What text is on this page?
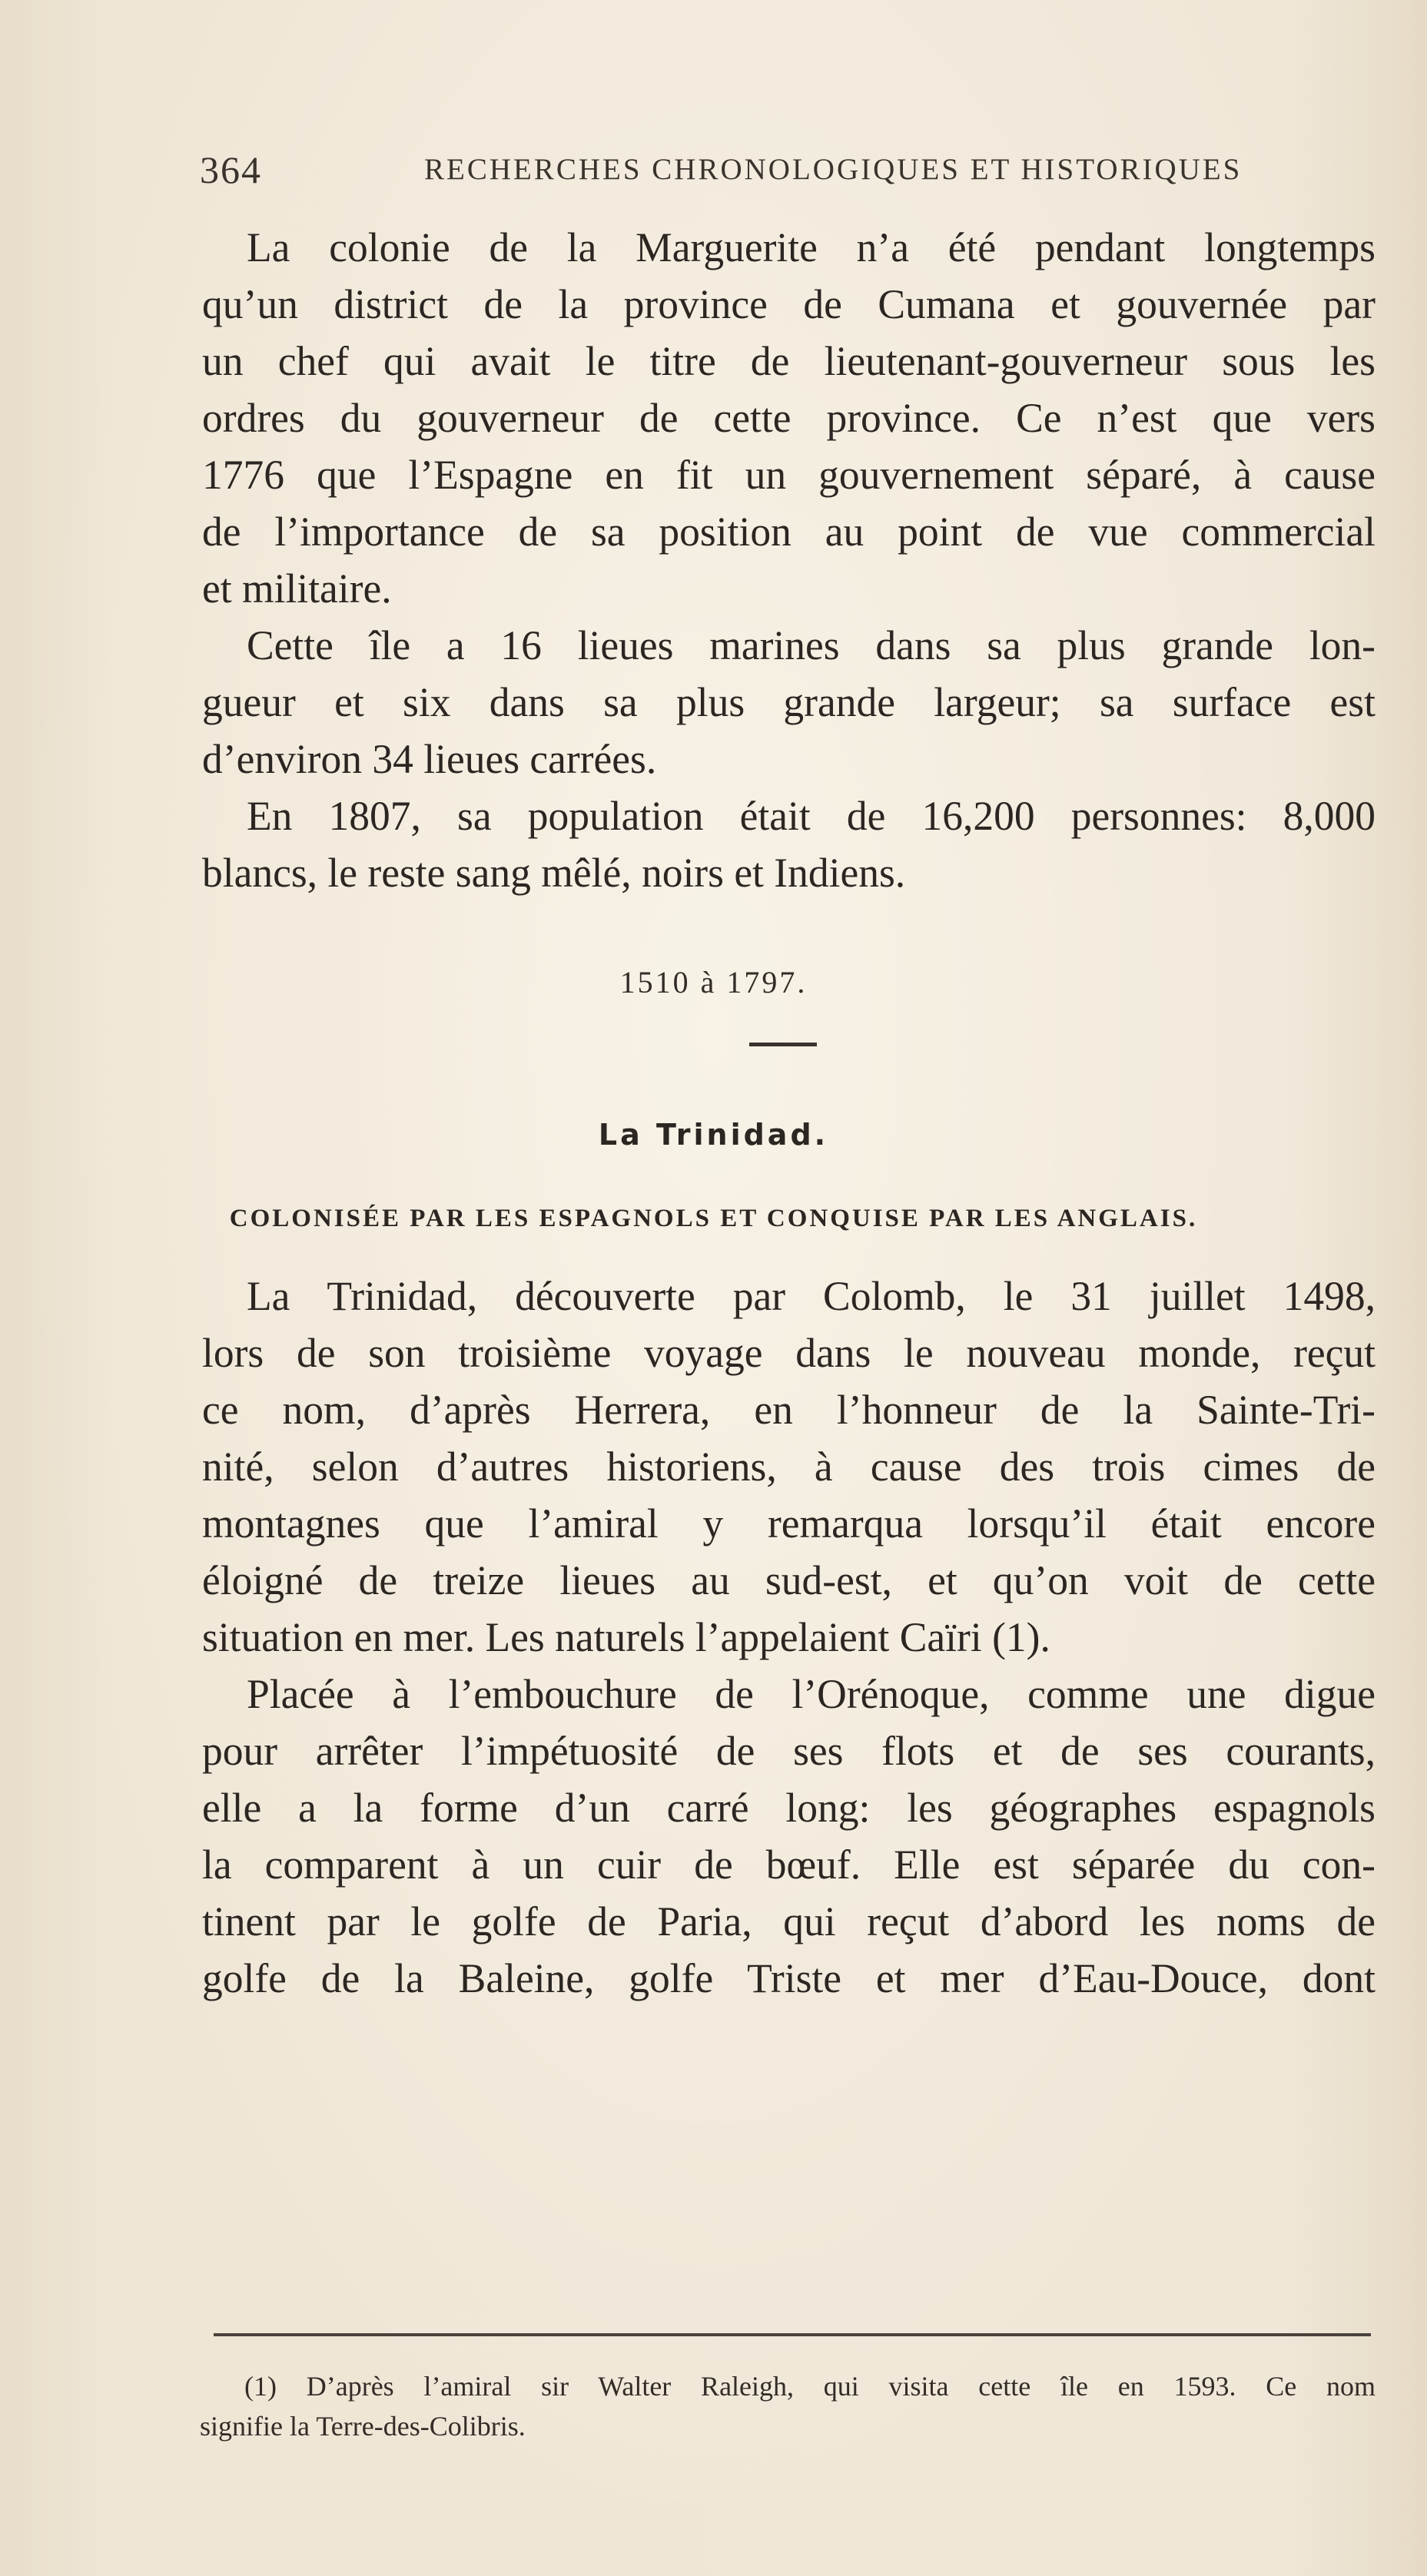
364	RECHERCHES CHRONOLOGIQUES ET HISTORIQUES

La colonie de la Marguerite n’a été pendant longtemps
qu’un district de la province de Cumana et gouvernée par
un chef qui avait le titre de lieutenant-gouverneur sous les
ordres du gouverneur de cette province. Ce n’est que vers
1776 que l’Espagne en fit un gouvernement séparé, à cause
de l’importance de sa position au point de vue commercial
et militaire.

Cette île a 16 lieues marines dans sa plus grande lon-
gueur et six dans sa plus grande largeur; sa surface est
d’environ 34 lieues carrées.

En 1807, sa population était de 16,200 personnes: 8,000
blancs, le reste sang mêlé, noirs et Indiens.

1510 à 1797.
La Trinidad.
COLONISÉE PAR LES ESPAGNOLS ET CONQUISE PAR LES ANGLAIS.

La Trinidad, découverte par Colomb, le 31 juillet 1498,
lors de son troisième voyage dans le nouveau monde, reçut
ce nom, d’après Herrera, en l’honneur de la Sainte-Tri-
nité, selon d’autres historiens, à cause des trois cimes de
montagnes que l’amiral y remarqua lorsqu’il était encore
éloigné de treize lieues au sud-est, et qu’on voit de cette
situation en mer. Les naturels l’appelaient Caïri (1).

Placée à l’embouchure de l’Orénoque, comme une digue
pour arrêter l’impétuosité de ses flots et de ses courants,
elle a la forme d’un carré long: les géographes espagnols
la comparent à un cuir de bœuf. Elle est séparée du con-
tinent par le golfe de Paria, qui reçut d’abord les noms de
golfe de la Baleine, golfe Triste et mer d’Eau-Douce, dont

(1) D’après l’amiral sir Walter Raleigh, qui visita cette île en 1593. Ce nom
signifie la Terre-des-Colibris.
